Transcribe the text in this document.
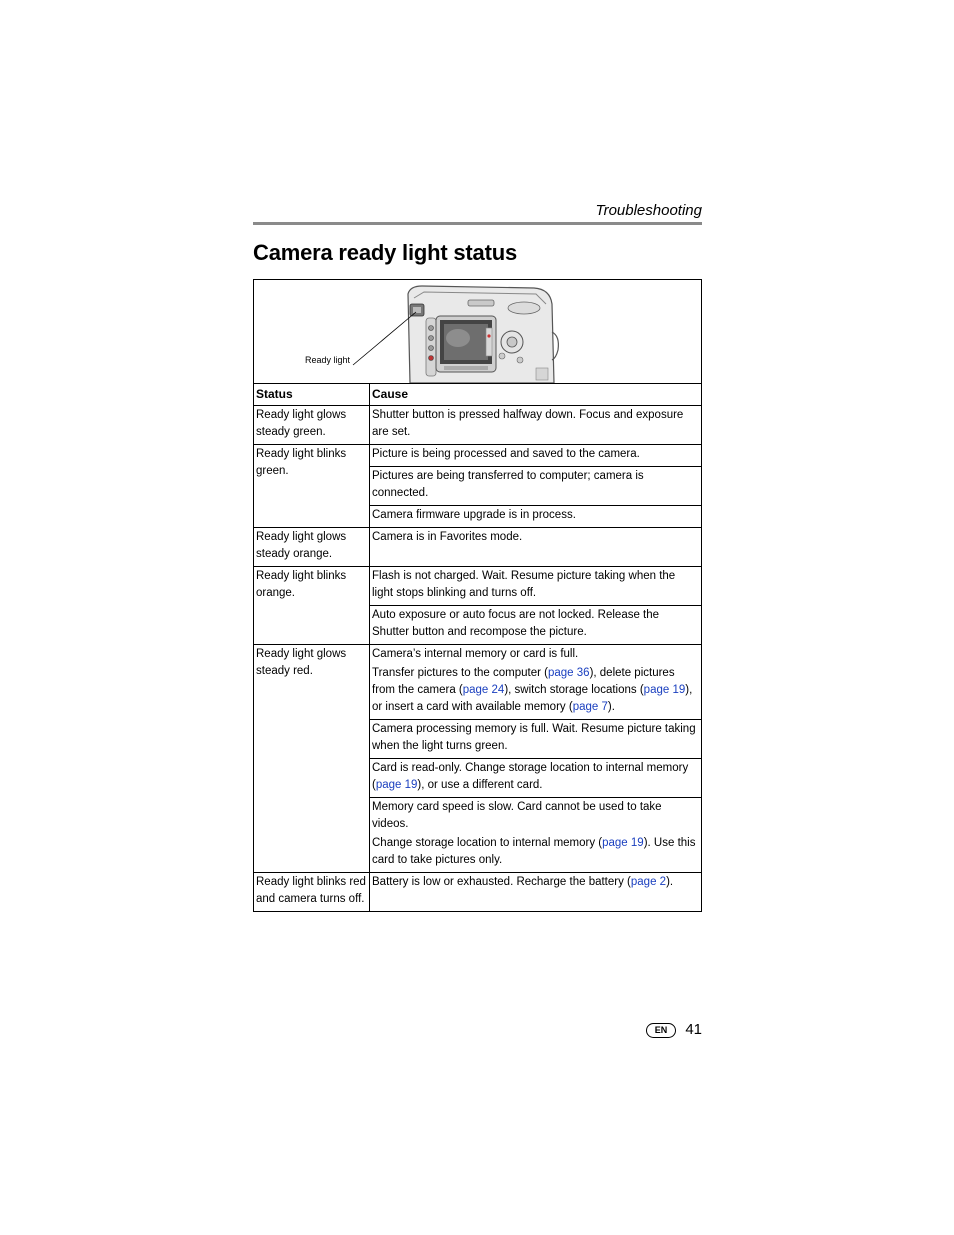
Troubleshooting
Camera ready light status
Ready light
Status	Cause
Ready light glows steady green.	Shutter button is pressed halfway down. Focus and exposure are set.
Ready light blinks green.	Picture is being processed and saved to the camera.
	Pictures are being transferred to computer; camera is connected.
	Camera firmware upgrade is in process.
Ready light glows steady orange.	Camera is in Favorites mode.
Ready light blinks orange.	Flash is not charged. Wait. Resume picture taking when the light stops blinking and turns off.
	Auto exposure or auto focus are not locked. Release the Shutter button and recompose the picture.
Ready light glows steady red.	Camera’s internal memory or card is full.
Transfer pictures to the computer (page 36), delete pictures from the camera (page 24), switch storage locations (page 19), or insert a card with available memory (page 7).

	Camera processing memory is full. Wait. Resume picture taking when the light turns green.
	Card is read-only. Change storage location to internal memory (page 19), or use a different card.
	Memory card speed is slow. Card cannot be used to take videos.
Change storage location to internal memory (page 19). Use this card to take pictures only.

Ready light blinks red and camera turns off.	Battery is low or exhausted. Recharge the battery (page 2).
EN	41
